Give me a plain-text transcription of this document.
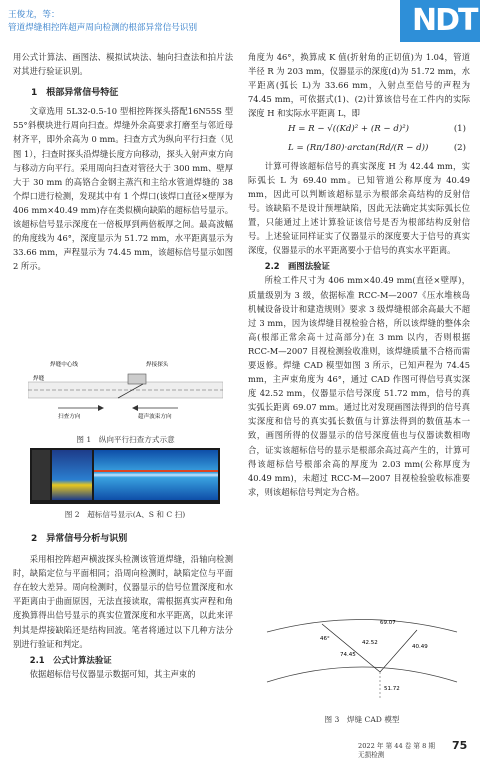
王俊龙，等：
管道焊缝相控阵超声周向检测的根部异常信号识别	NDT

用公式计算法、画图法、模拟试块法、轴向扫查法和拍片法对其进行验证识别。

1　根部异常信号特征

文章选用 5L32-0.5-10 型相控阵探头搭配16N55S 型 55°斜楔块进行周向扫查。焊缝外余高要求打磨至与邻近母材齐平，即外余高为 0 mm。扫查方式为纵向平行扫查（见图 1），扫查时探头沿焊缝长度方向移动，探头入射声束方向与移动方向平行。采用周向扫查对管径大于 300 mm、壁厚大于 30 mm 的高铬合金钢主蒸汽和主给水管道焊缝的 38 个焊口进行检测，发现其中有 1 个焊口(该焊口直径×壁厚为 406 mm×40.49 mm)存在类似横向缺陷的超标信号显示。该超标信号显示深度在一倍板厚到两倍板厚之间。最高波幅的角度线为 46°，深度显示为 51.72 mm，水平距离显示为 33.66 mm，声程显示为 74.45 mm，该超标信号显示如图 2 所示。

焊缝中心线	焊接探头
扫查方向	超声波束方向
焊缝

图 1　纵向平行扫查方式示意

图 2　超标信号显示(A、S 和 C 扫)

2　异常信号分析与识别

采用相控阵超声横波探头检测该管道焊缝，沿轴向检测时，缺陷定位与平面相同；沿周向检测时，缺陷定位与平面存在较大差异。周向检测时，仪器显示的信号位置深度和水平距离由于曲面原因，无法直接读取，需根据真实声程和角度换算得出信号显示的真实位置深度和水平距离，以此来评判其是焊接缺陷还是结构回波。笔者将通过以下几种方法分别进行验证和判定。

2.1　公式计算法验证

依据超标信号仪器显示数据可知，其主声束的

角度为 46°，换算成 K 值(折射角的正切值)为 1.04，管道半径 R 为 203 mm，仪器显示的深度(d)为 51.72 mm，水平距离(弧长 L)为 33.66 mm，入射点至信号的声程为 74.45 mm，可依据式(1)、(2)计算该信号在工件内的实际深度 H 和实际水平距离 L，即

H = R − √((Kd)² + (R − d)²)	(1)
L = (Rπ/180)·arctan(Rd/(R − d))	(2)

计算可得该超标信号的真实深度 H 为 42.44 mm，实际弧长 L 为 69.40 mm。已知管道公称厚度为 40.49 mm，因此可以判断该超标显示为根部余高结构的反射信号。该缺陷不是设计预埋缺陷，因此无法确定其实际弧长位置，只能通过上述计算验证该信号是否为根部结构反射信号。上述验证同样证实了仪器显示的深度要大于信号的真实深度，仪器显示的水平距离要小于信号的真实水平距离。

2.2　画图法验证

所检工件尺寸为 406 mm×40.49 mm(直径×壁厚)，质量级别为 3 级，依据标准 RCC-M—2007《压水堆核岛机械设备设计和建造规则》要求 3 级焊缝根部余高最大不超过 3 mm，因为该焊缝目视检验合格，所以该焊缝的整体余高(根部正常余高＋过高部分)在 3 mm 以内，否则根据 RCC-M—2007 目视检测验收准则，该焊缝质量不合格而需要返修。焊缝 CAD 模型如图 3 所示，已知声程为 74.45 mm，主声束角度为 46°，通过 CAD 作图可得信号真实深度 42.52 mm，仪器显示信号深度 51.72 mm，信号的真实弧长距离 69.07 mm。通过比对发现画图法得到的信号真实深度和信号的真实弧长数值与计算法得到的数值基本一致，画图所得的仪器显示的信号深度值也与仪器读数相吻合，证实该超标信号的显示是根部余高过高产生的，计算可得该超标信号根部余高的厚度为 2.03 mm(公称厚度为 40.49 mm)，未超过 RCC-M—2007 目视检验验收标准要求，则该超标信号判定为合格。

46°
40.49
74.45
51.72
42.52
69.07

图 3　焊缝 CAD 模型

2022 年 第 44 卷 第 8 期
无损检测
75
